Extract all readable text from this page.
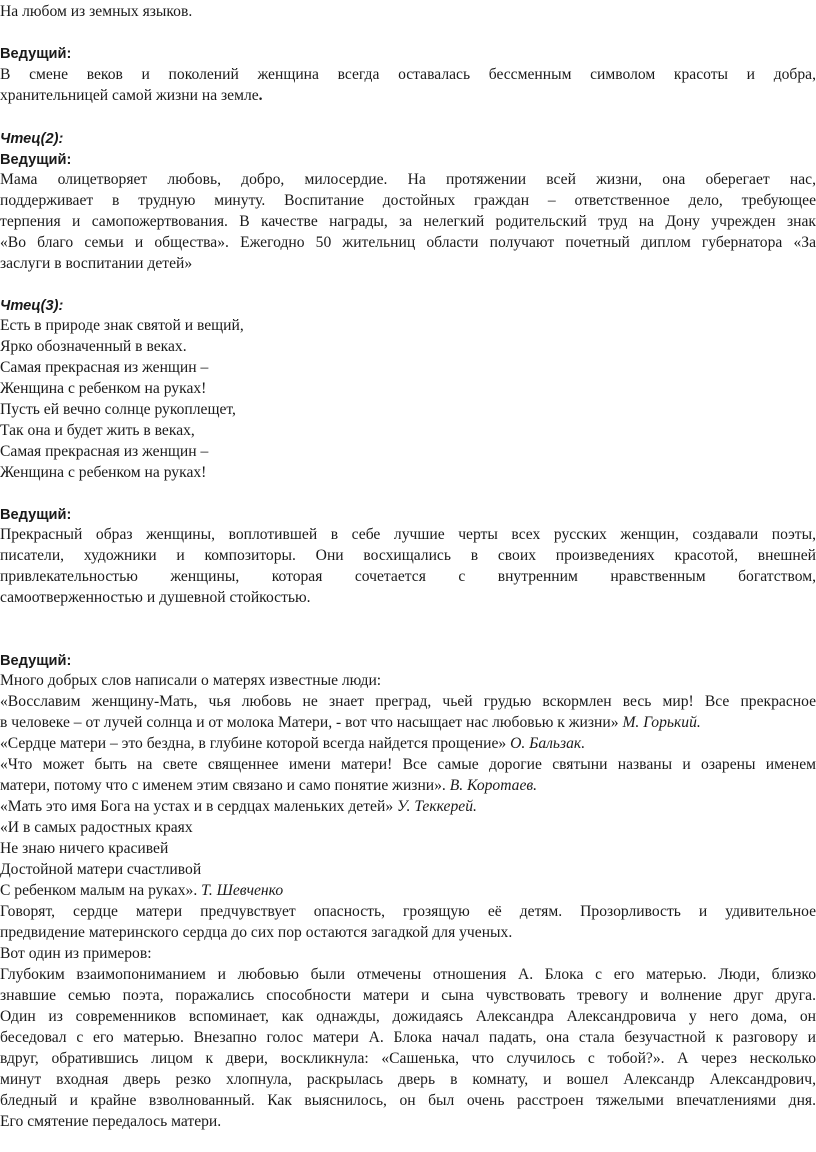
На любом из земных языков.
Ведущий:
В смене веков и поколений женщина всегда оставалась бессменным символом красоты и добра,
хранительницей самой жизни на земле.
Чтец(2):
Ведущий:
Мама олицетворяет любовь, добро, милосердие. На протяжении всей жизни, она оберегает нас,
поддерживает в трудную минуту. Воспитание достойных граждан – ответственное дело, требующее
терпения и самопожертвования. В качестве награды, за нелегкий родительский труд на Дону учрежден знак
«Во благо семьи и общества». Ежегодно 50 жительниц области получают почетный диплом губернатора «За
заслуги в воспитании детей»
Чтец(3):
Есть в природе знак святой и вещий,
Ярко обозначенный в веках.
Самая прекрасная из женщин –
Женщина с ребенком на руках!
Пусть ей вечно солнце рукоплещет,
Так она и будет жить в веках,
Самая прекрасная из женщин –
Женщина с ребенком на руках!
Ведущий:
Прекрасный образ женщины, воплотившей в себе лучшие черты всех русских женщин, создавали поэты,
писатели, художники и композиторы. Они восхищались в своих произведениях красотой, внешней
привлекательностью женщины, которая сочетается с внутренним нравственным богатством,
самоотверженностью и душевной стойкостью.
Ведущий:
Много добрых слов написали о матерях известные люди:
«Восславим женщину-Мать, чья любовь не знает преград, чьей грудью вскормлен весь мир! Все прекрасное
в человеке – от лучей солнца и от молока Матери, - вот что насыщает нас любовью к жизни» М. Горький.
«Сердце матери – это бездна, в глубине которой всегда найдется прощение» О. Бальзак.
«Что может быть на свете священнее имени матери! Все самые дорогие святыни названы и озарены именем
матери, потому что с именем этим связано и само понятие жизни». В. Коротаев.
«Мать это имя Бога на устах и в сердцах маленьких детей» У. Теккерей.
«И в самых радостных краях
Не знаю ничего красивей
Достойной матери счастливой
С ребенком малым на руках». Т. Шевченко
Говорят, сердце матери предчувствует опасность, грозящую её детям. Прозорливость и удивительное
предвидение материнского сердца до сих пор остаются загадкой для ученых.
Вот один из примеров:
Глубоким взаимопониманием и любовью были отмечены отношения А. Блока с его матерью. Люди, близко
знавшие семью поэта, поражались способности матери и сына чувствовать тревогу и волнение друг друга.
Один из современников вспоминает, как однажды, дожидаясь Александра Александровича у него дома, он
беседовал с его матерью. Внезапно голос матери А. Блока начал падать, она стала безучастной к разговору и
вдруг, обратившись лицом к двери, воскликнула: «Сашенька, что случилось с тобой?». А через несколько
минут входная дверь резко хлопнула, раскрылась дверь в комнату, и вошел Александр Александрович,
бледный и крайне взволнованный. Как выяснилось, он был очень расстроен тяжелыми впечатлениями дня.
Его смятение передалось матери.
